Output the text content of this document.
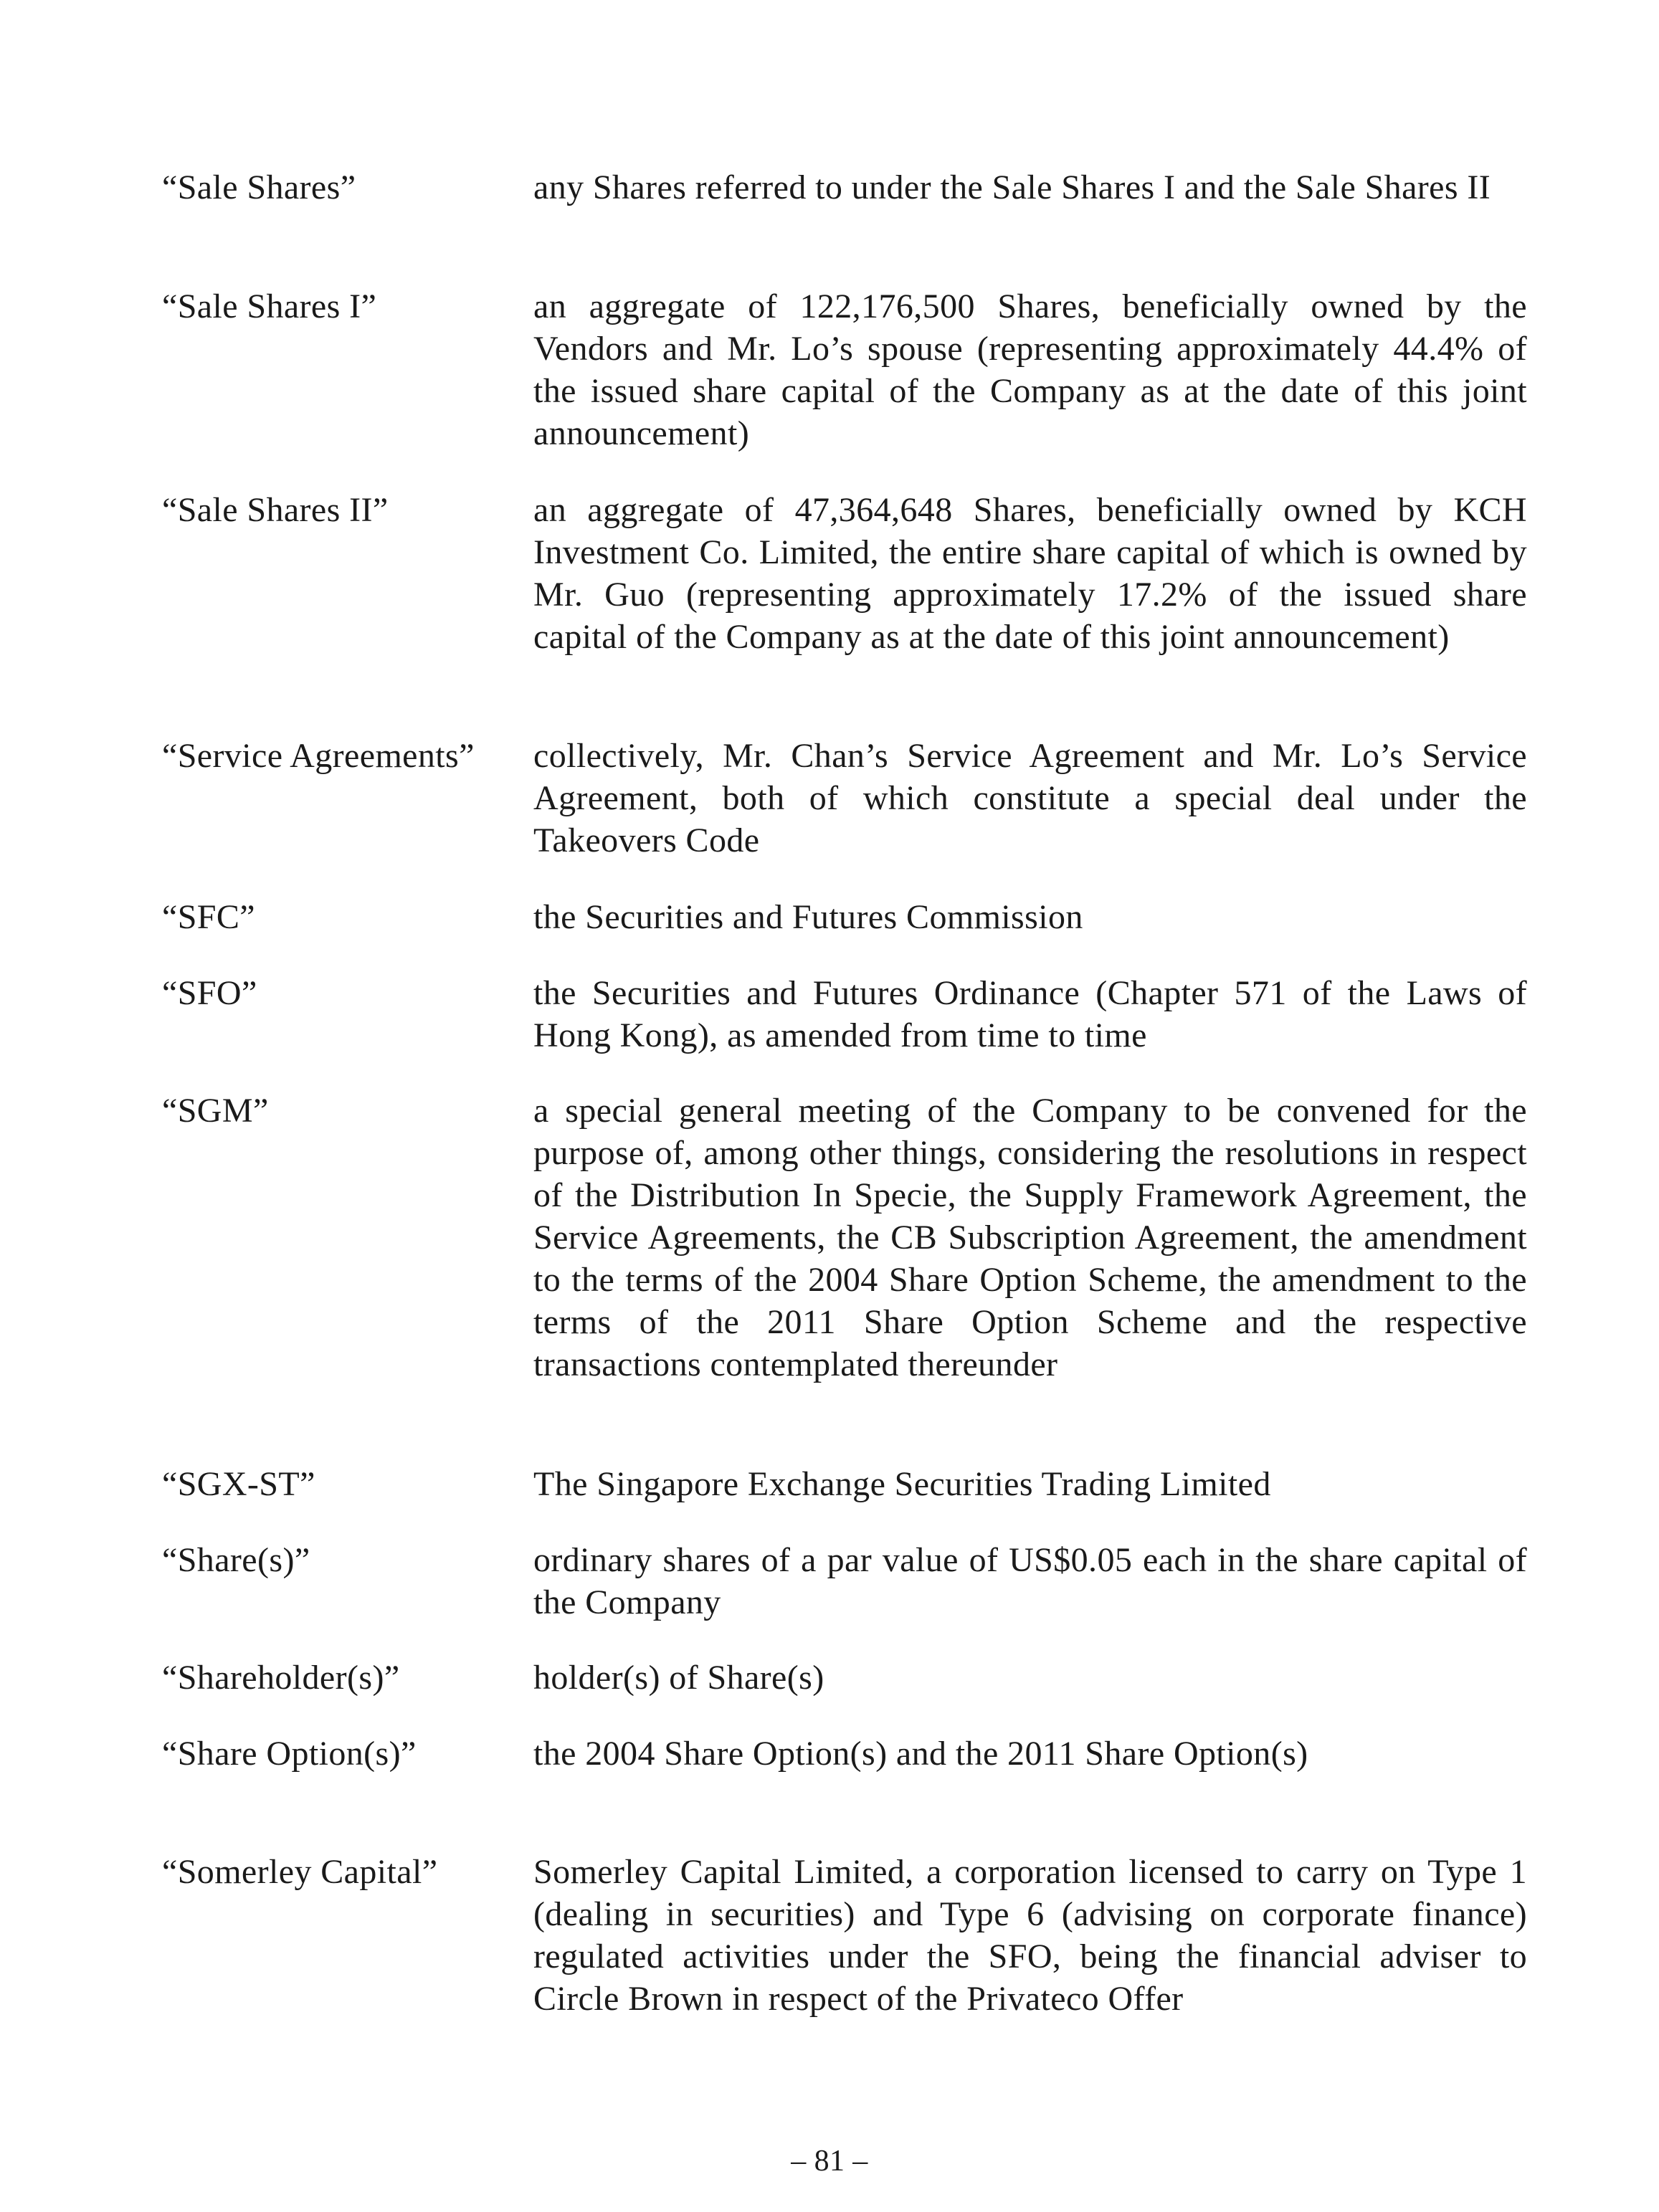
“Sale Shares”	any Shares referred to under the Sale Shares I and the Sale Shares II
“Sale Shares I”	an aggregate of 122,176,500 Shares, beneficially owned by the Vendors and Mr. Lo’s spouse (representing approximately 44.4% of the issued share capital of the Company as at the date of this joint announcement)
“Sale Shares II”	an aggregate of 47,364,648 Shares, beneficially owned by KCH Investment Co. Limited, the entire share capital of which is owned by Mr. Guo (representing approximately 17.2% of the issued share capital of the Company as at the date of this joint announcement)
“Service Agreements”	collectively, Mr. Chan’s Service Agreement and Mr. Lo’s Service Agreement, both of which constitute a special deal under the Takeovers Code
“SFC”	the Securities and Futures Commission
“SFO”	the Securities and Futures Ordinance (Chapter 571 of the Laws of Hong Kong), as amended from time to time
“SGM”	a special general meeting of the Company to be convened for the purpose of, among other things, considering the resolutions in respect of the Distribution In Specie, the Supply Framework Agreement, the Service Agreements, the CB Subscription Agreement, the amendment to the terms of the 2004 Share Option Scheme, the amendment to the terms of the 2011 Share Option Scheme and the respective transactions contemplated thereunder
“SGX-ST”	The Singapore Exchange Securities Trading Limited
“Share(s)”	ordinary shares of a par value of US$0.05 each in the share capital of the Company
“Shareholder(s)”	holder(s) of Share(s)
“Share Option(s)”	the 2004 Share Option(s) and the 2011 Share Option(s)
“Somerley Capital”	Somerley Capital Limited, a corporation licensed to carry on Type 1 (dealing in securities) and Type 6 (advising on corporate finance) regulated activities under the SFO, being the financial adviser to Circle Brown in respect of the Privateco Offer
– 81 –
